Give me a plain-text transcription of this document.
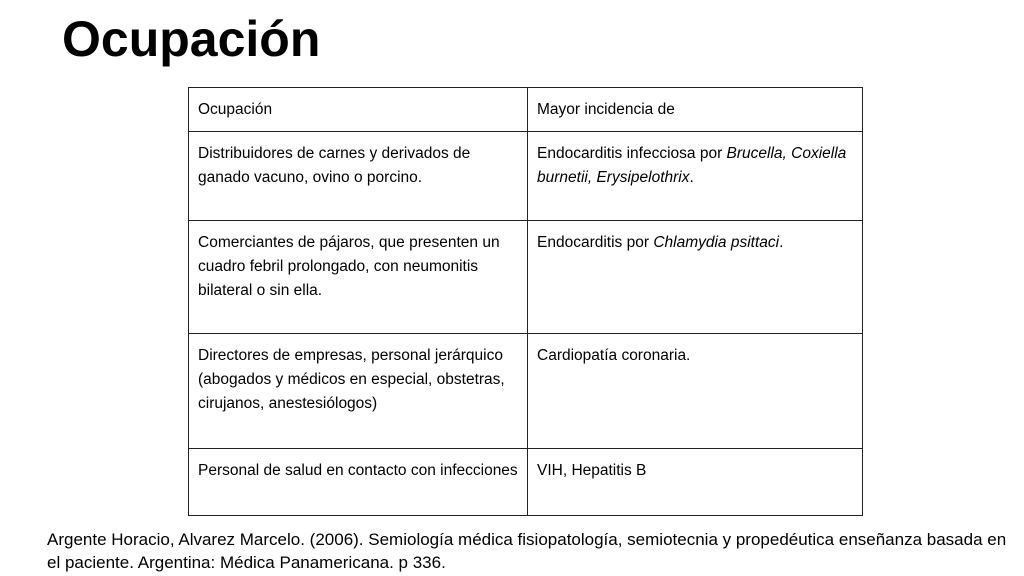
Ocupación
Ocupación	Mayor incidencia de
Distribuidores de carnes y derivados de ganado vacuno, ovino o porcino.	Endocarditis infecciosa por Brucella, Coxiella burnetii, Erysipelothrix.
Comerciantes de pájaros, que presenten un cuadro febril prolongado, con neumonitis bilateral o sin ella.	Endocarditis por Chlamydia psittaci.
Directores de empresas, personal jerárquico (abogados y médicos en especial, obstetras, cirujanos, anestesiólogos)	Cardiopatía coronaria.
Personal de salud en contacto con infecciones	VIH, Hepatitis B

Argente Horacio, Alvarez Marcelo. (2006). Semiología médica fisiopatología, semiotecnia y propedéutica enseñanza basada en el paciente. Argentina: Médica Panamericana. p 336.
